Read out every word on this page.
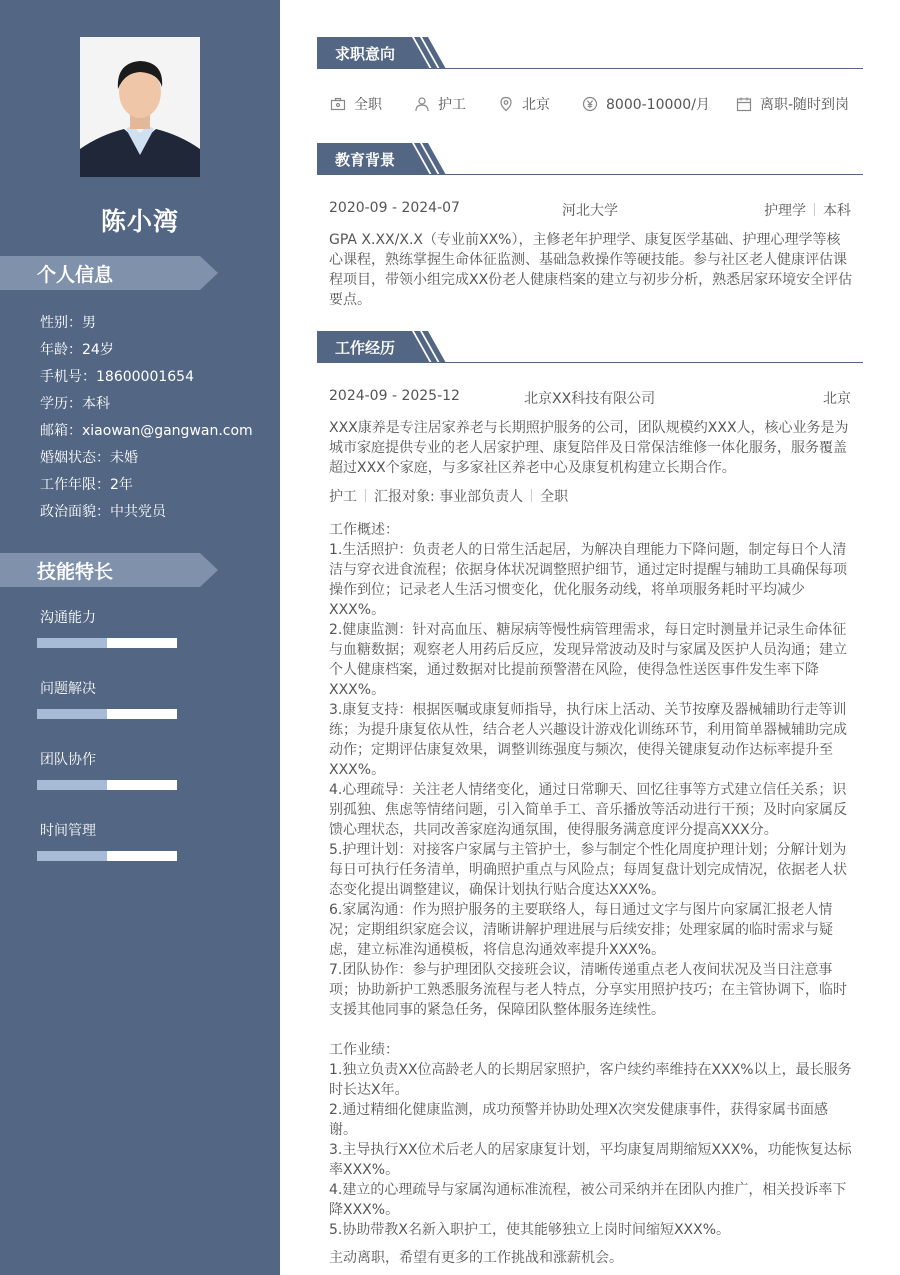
陈小湾
个人信息
性别：男
年龄：24岁
手机号：18600001654
学历：本科
邮箱：xiaowan@gangwan.com
婚姻状态：未婚
工作年限：2年
政治面貌：中共党员
技能特长
沟通能力
问题解决
团队协作
时间管理
求职意向
全职	护工	北京	8000-10000/月	离职-随时到岗
教育背景
2020-09 - 2024-07	河北大学	护理学 本科
GPA X.XX/X.X（专业前XX%），主修老年护理学、康复医学基础、护理心理学等核心课程，熟练掌握生命体征监测、基础急救操作等硬技能。参与社区老人健康评估课程项目，带领小组完成XX份老人健康档案的建立与初步分析，熟悉居家环境安全评估要点。
工作经历
2024-09 - 2025-12	北京XX科技有限公司	北京
XXX康养是专注居家养老与长期照护服务的公司，团队规模约XXX人，核心业务是为城市家庭提供专业的老人居家护理、康复陪伴及日常保洁维修一体化服务，服务覆盖超过XXX个家庭，与多家社区养老中心及康复机构建立长期合作。
护工 汇报对象: 事业部负责人 全职

工作概述：

1.生活照护：负责老人的日常生活起居，为解决自理能力下降问题，制定每日个人清洁与穿衣进食流程；依据身体状况调整照护细节，通过定时提醒与辅助工具确保每项操作到位；记录老人生活习惯变化，优化服务动线，将单项服务耗时平均减少XXX%。

2.健康监测：针对高血压、糖尿病等慢性病管理需求，每日定时测量并记录生命体征与血糖数据；观察老人用药后反应，发现异常波动及时与家属及医护人员沟通；建立个人健康档案，通过数据对比提前预警潜在风险，使得急性送医事件发生率下降XXX%。

3.康复支持：根据医嘱或康复师指导，执行床上活动、关节按摩及器械辅助行走等训练；为提升康复依从性，结合老人兴趣设计游戏化训练环节，利用简单器械辅助完成动作；定期评估康复效果，调整训练强度与频次，使得关键康复动作达标率提升至XXX%。

4.心理疏导：关注老人情绪变化，通过日常聊天、回忆往事等方式建立信任关系；识别孤独、焦虑等情绪问题，引入简单手工、音乐播放等活动进行干预；及时向家属反馈心理状态，共同改善家庭沟通氛围，使得服务满意度评分提高XXX分。

5.护理计划：对接客户家属与主管护士，参与制定个性化周度护理计划；分解计划为每日可执行任务清单，明确照护重点与风险点；每周复盘计划完成情况，依据老人状态变化提出调整建议，确保计划执行贴合度达XXX%。

6.家属沟通：作为照护服务的主要联络人，每日通过文字与图片向家属汇报老人情况；定期组织家庭会议，清晰讲解护理进展与后续安排；处理家属的临时需求与疑虑，建立标准沟通模板，将信息沟通效率提升XXX%。

7.团队协作：参与护理团队交接班会议，清晰传递重点老人夜间状况及当日注意事项；协助新护工熟悉服务流程与老人特点，分享实用照护技巧；在主管协调下，临时支援其他同事的紧急任务，保障团队整体服务连续性。

工作业绩：

1.独立负责XX位高龄老人的长期居家照护，客户续约率维持在XXX%以上，最长服务时长达X年。

2.通过精细化健康监测，成功预警并协助处理X次突发健康事件，获得家属书面感谢。

3.主导执行XX位术后老人的居家康复计划，平均康复周期缩短XXX%，功能恢复达标率XXX%。

4.建立的心理疏导与家属沟通标准流程，被公司采纳并在团队内推广，相关投诉率下降XXX%。

5.协助带教X名新入职护工，使其能够独立上岗时间缩短XXX%。

主动离职，希望有更多的工作挑战和涨薪机会。
